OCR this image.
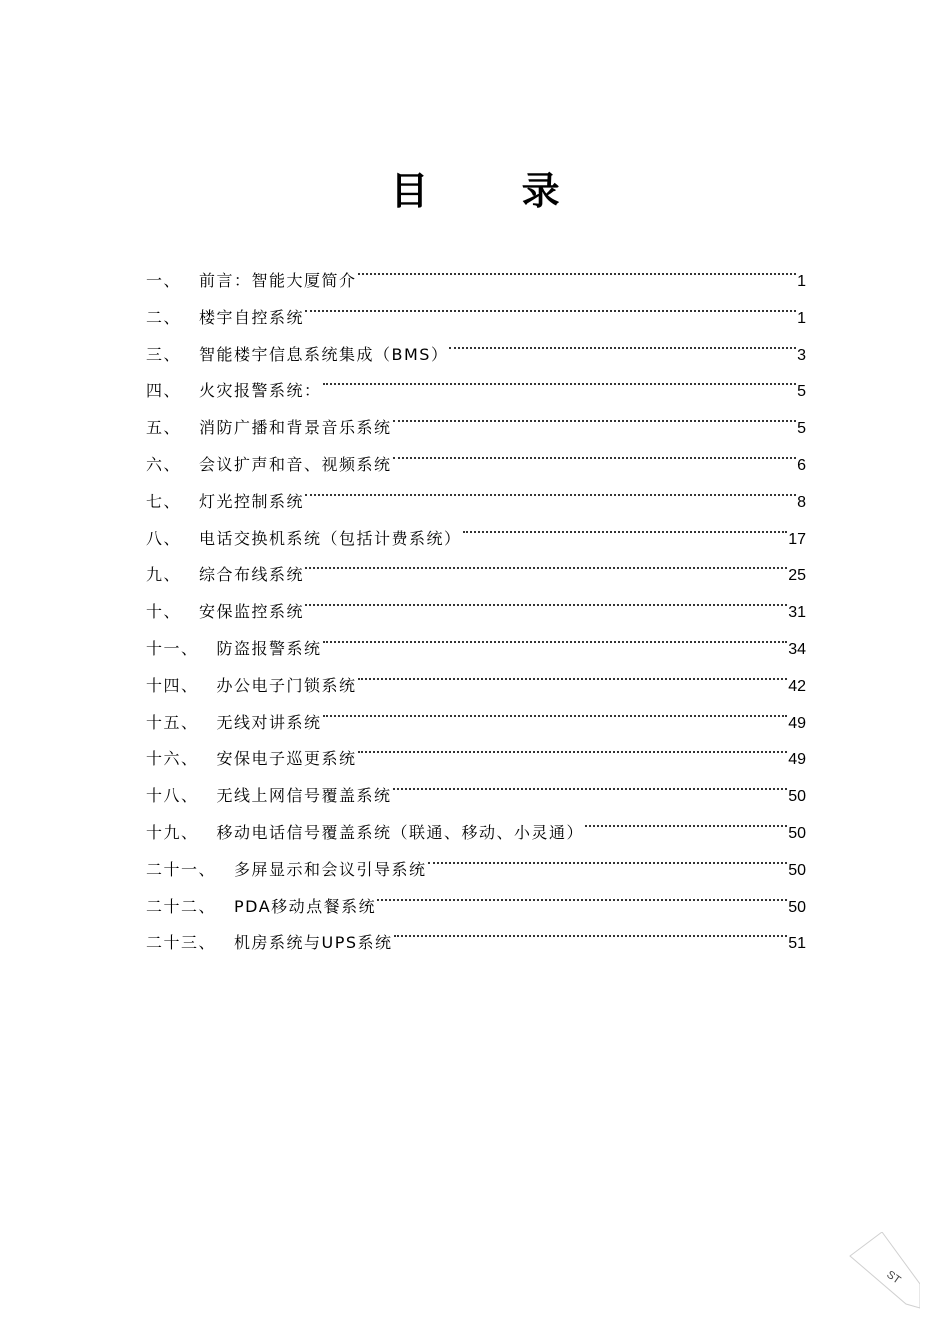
目 录
一、 前言：智能大厦简介	1
二、 楼宇自控系统	1
三、 智能楼宇信息系统集成（BMS）	3
四、 火灾报警系统：	5
五、 消防广播和背景音乐系统	5
六、 会议扩声和音、视频系统	6
七、 灯光控制系统	8
八、 电话交换机系统（包括计费系统）	17
九、 综合布线系统	25
十、 安保监控系统	31
十一、 防盗报警系统	34
十四、 办公电子门锁系统	42
十五、 无线对讲系统	49
十六、 安保电子巡更系统	49
十八、 无线上网信号覆盖系统	50
十九、 移动电话信号覆盖系统（联通、移动、小灵通）	50
二十一、 多屏显示和会议引导系统	50
二十二、 PDA移动点餐系统	50
二十三、 机房系统与UPS系统	51
ST
